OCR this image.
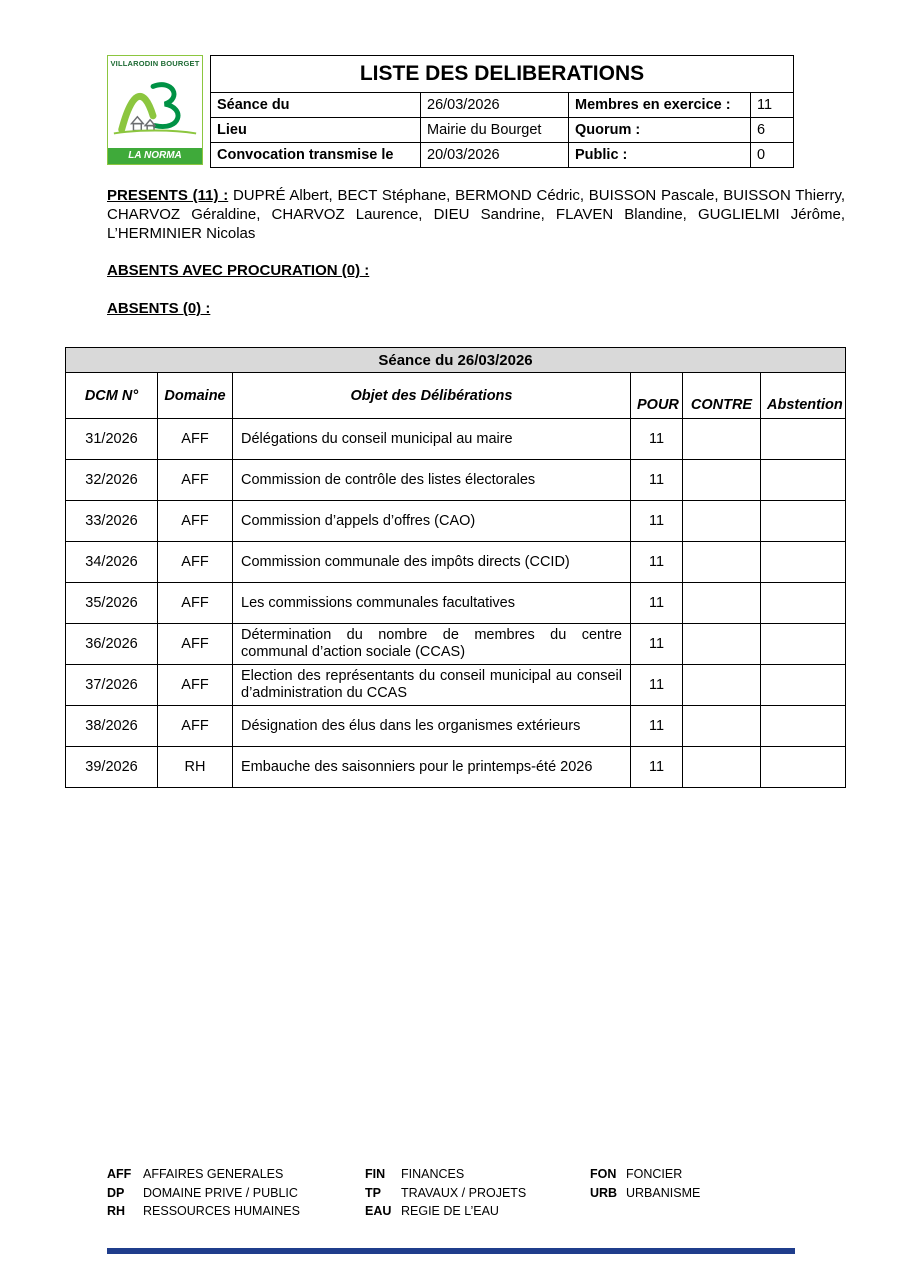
VILLARODIN BOURGET
LA NORMA
LISTE DES DELIBERATIONS			
Séance du	26/03/2026	Membres en exercice :	11
Lieu	Mairie du Bourget	Quorum :	6
Convocation transmise le	20/03/2026	Public :	0

PRESENTS (11) : DUPRÉ Albert, BECT Stéphane, BERMOND Cédric, BUISSON Pascale, BUISSON Thierry, CHARVOZ Géraldine, CHARVOZ Laurence, DIEU Sandrine, FLAVEN Blandine, GUGLIELMI Jérôme, L’HERMINIER Nicolas

ABSENTS AVEC PROCURATION (0) :

ABSENTS (0) :

Séance du 26/03/2026					
DCM N°	Domaine	Objet des Délibérations	POUR	CONTRE	Abstention
31/2026	AFF	Délégations du conseil municipal au maire	11		
32/2026	AFF	Commission de contrôle des listes électorales	11		
33/2026	AFF	Commission d’appels d’offres (CAO)	11		
34/2026	AFF	Commission communale des impôts directs (CCID)	11		
35/2026	AFF	Les commissions communales facultatives	11		
36/2026	AFF	Détermination du nombre de membres du centre communal d’action sociale (CCAS)	11		
37/2026	AFF	Election des représentants du conseil municipal au conseil d’administration du CCAS	11		
38/2026	AFF	Désignation des élus dans les organismes extérieurs	11		
39/2026	RH	Embauche des saisonniers pour le printemps-été 2026	11		
AFF AFFAIRES GENERALES
DP DOMAINE PRIVE / PUBLIC
RH RESSOURCES HUMAINES
FIN FINANCES
TP TRAVAUX / PROJETS
EAU REGIE DE L’EAU
FON FONCIER
URB URBANISME
